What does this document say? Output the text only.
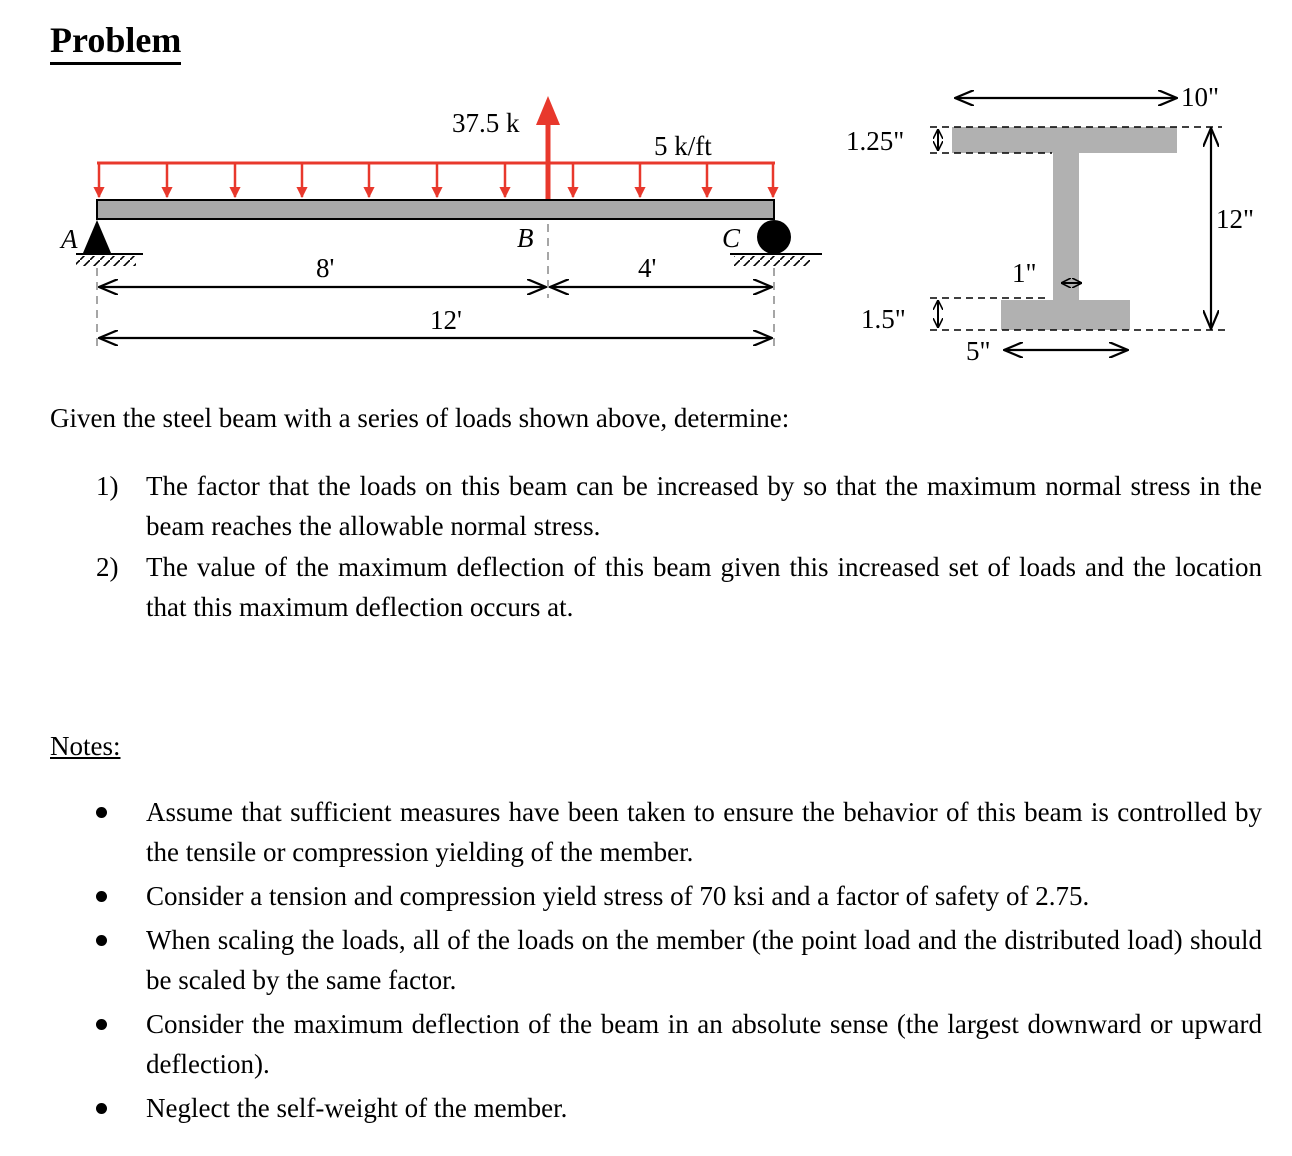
Problem
37.5 k
5 k/ft
A	C
B
8'	4'
12'
10"
1.25"
12"
1"
1.5"
5"

Given the steel beam with a series of loads shown above, determine:

1) The factor that the loads on this beam can be increased by so that the maximum normal stress in the beam reaches the allowable normal stress.
2) The value of the maximum deflection of this beam given this increased set of loads and the location that this maximum deflection occurs at.

Notes:

Assume that sufficient measures have been taken to ensure the behavior of this beam is controlled by the tensile or compression yielding of the member.
Consider a tension and compression yield stress of 70 ksi and a factor of safety of 2.75.
When scaling the loads, all of the loads on the member (the point load and the distributed load) should be scaled by the same factor.
Consider the maximum deflection of the beam in an absolute sense (the largest downward or upward deflection).
Neglect the self-weight of the member.
